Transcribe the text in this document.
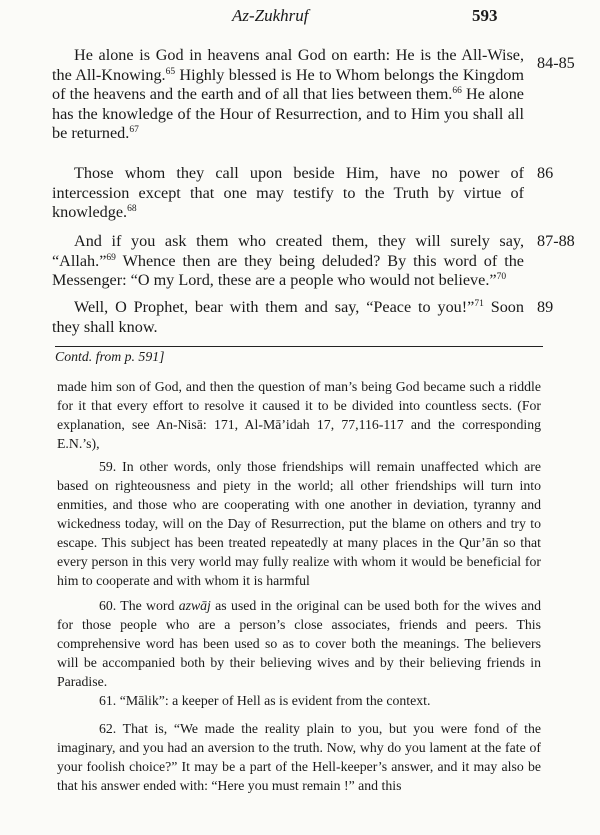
Az-Zukhruf	593
He alone is God in heavens anal God on earth: He is the All-Wise, the All-Knowing.$^{65}$ Highly blessed is He to Whom belongs the Kingdom of the heavens and the earth and of all that lies between them.$^{66}$ He alone has the knowledge of the Hour of Resurrection, and to Him you shall all be returned.$^{67}$
84-85
Those whom they call upon beside Him, have no power of intercession except that one may testify to the Truth by virtue of knowledge.$^{68}$
86
And if you ask them who created them, they will surely say, “Allah.”$^{69}$ Whence then are they being deluded? By this word of the Messenger: “O my Lord, these are a people who would not believe.”$^{70}$
87-88
Well, O Prophet, bear with them and say, “Peace to you!”$^{71}$ Soon they shall know.
89
Contd. from p. 591]
made him son of God, and then the question of man’s being God became such a riddle for it that every effort to resolve it caused it to be divided into countless sects. (For explanation, see An-Nisā: 171, Al-Mā’idah 17, 77,116-117 and the corresponding E.N.’s),
59. In other words, only those friendships will remain unaffected which are based on righteousness and piety in the world; all other friendships will turn into enmities, and those who are cooperating with one another in deviation, tyranny and wickedness today, will on the Day of Resurrection, put the blame on others and try to escape. This subject has been treated repeatedly at many places in the Qur’ān so that every person in this very world may fully realize with whom it would be beneficial for him to cooperate and with whom it is harmful
60. The word azwāj as used in the original can be used both for the wives and for those people who are a person’s close associates, friends and peers. This comprehensive word has been used so as to cover both the meanings. The believers will be accompanied both by their believing wives and by their believing friends in Paradise.
61. “Mālik”: a keeper of Hell as is evident from the context.
62. That is, “We made the reality plain to you, but you were fond of the imaginary, and you had an aversion to the truth. Now, why do you lament at the fate of your foolish choice?” It may be a part of the Hell-keeper’s answer, and it may also be that his answer ended with: “Here you must remain !” and this
